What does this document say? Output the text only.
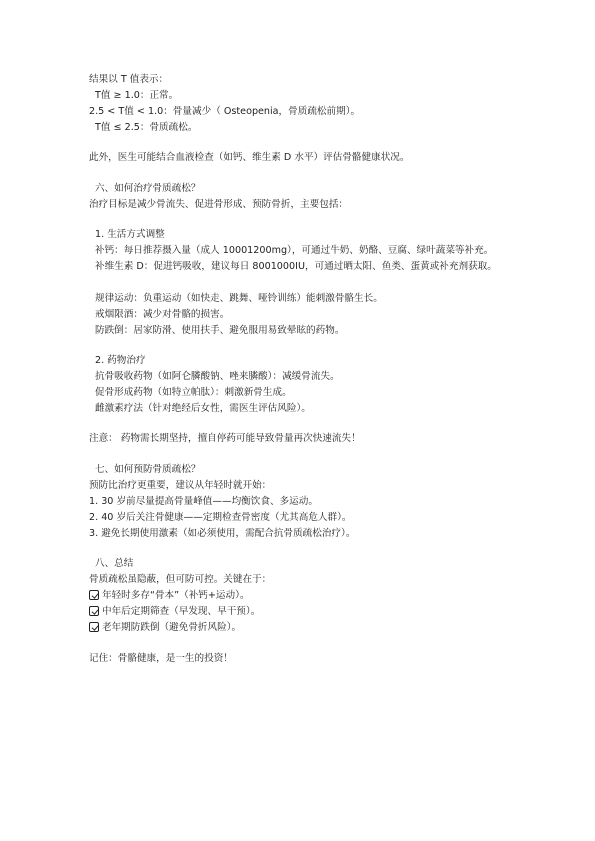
结果以 T 值表示：
T值 ≥ 1.0：正常。
2.5 < T值 < 1.0：骨量减少（ Osteopenia，骨质疏松前期）。
T值 ≤ 2.5：骨质疏松。
此外，医生可能结合血液检查（如钙、维生素 D 水平）评估骨骼健康状况。
六、如何治疗骨质疏松？
治疗目标是减少骨流失、促进骨形成、预防骨折，主要包括：
1. 生活方式调整
补钙：每日推荐摄入量（成人 10001200mg），可通过牛奶、奶酪、豆腐、绿叶蔬菜等补充。
补维生素 D：促进钙吸收，建议每日 8001000IU，可通过晒太阳、鱼类、蛋黄或补充剂获取。
规律运动：负重运动（如快走、跳舞、哑铃训练）能刺激骨骼生长。
戒烟限酒：减少对骨骼的损害。
防跌倒：居家防滑、使用扶手、避免服用易致晕眩的药物。
2. 药物治疗
抗骨吸收药物（如阿仑膦酸钠、唑来膦酸）：减缓骨流失。
促骨形成药物（如特立帕肽）：刺激新骨生成。
雌激素疗法（针对绝经后女性，需医生评估风险）。
注意： 药物需长期坚持，擅自停药可能导致骨量再次快速流失！
七、如何预防骨质疏松？
预防比治疗更重要，建议从年轻时就开始：
1. 30 岁前尽量提高骨量峰值——均衡饮食、多运动。
2. 40 岁后关注骨健康——定期检查骨密度（尤其高危人群）。
3. 避免长期使用激素（如必须使用，需配合抗骨质疏松治疗）。
八、总结
骨质疏松虽隐蔽，但可防可控。关键在于：
年轻时多存“骨本”（补钙+运动）。
中年后定期筛查（早发现、早干预）。
老年期防跌倒（避免骨折风险）。
记住：骨骼健康，是一生的投资！
